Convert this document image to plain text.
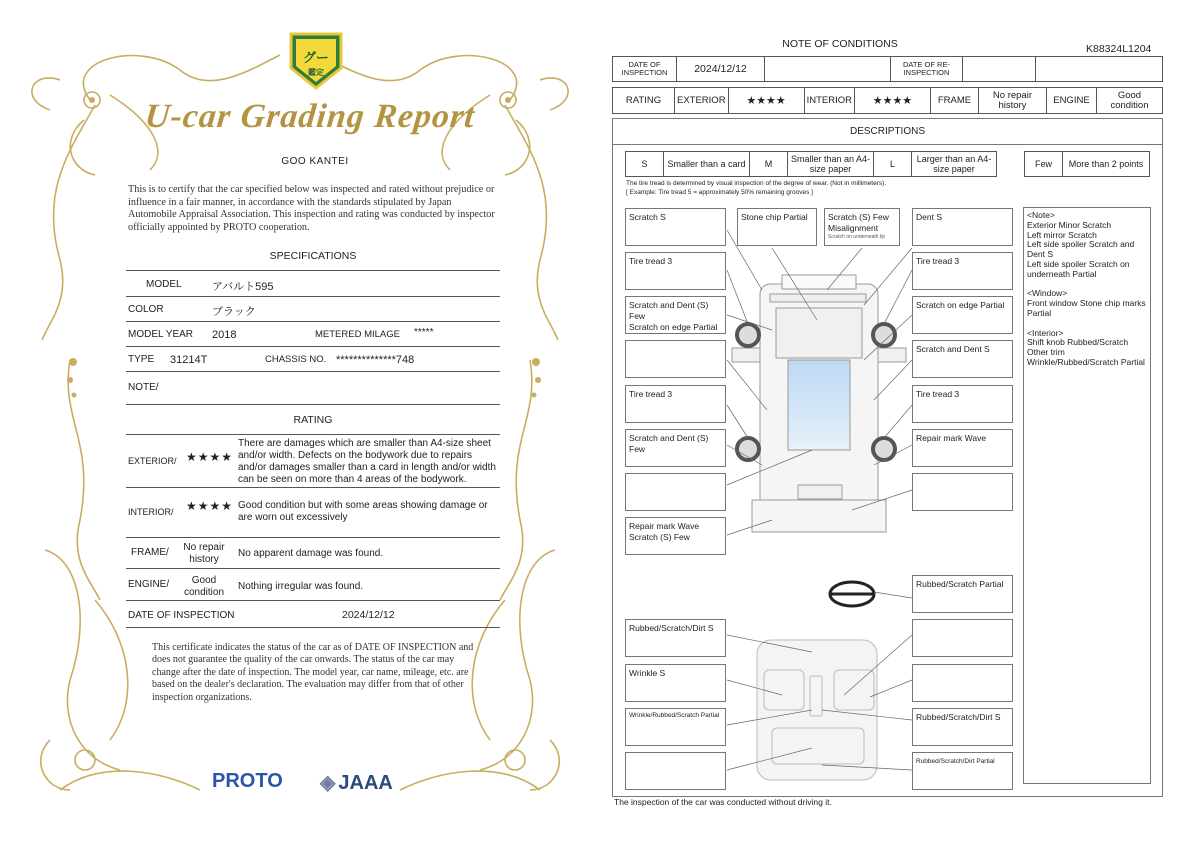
グー
鑑定
U-car Grading Report
GOO KANTEI
This is to certify that the car specified below was inspected and rated without prejudice or influence in a fair manner, in accordance with the standards stipulated by Japan Automobile Appraisal Association. This inspection and rating was conducted by inspector officially appointed by PROTO cooperation.
SPECIFICATIONS
MODEL	アバルト595
COLOR	ブラック
MODEL YEAR 2018	METERED MILAGE *****
TYPE 31214T	CHASSIS NO. **************748
NOTE/
RATING
EXTERIOR/ ★★★★
There are damages which are smaller than A4-size sheet and/or width. Defects on the bodywork due to repairs and/or damages smaller than a card in length and/or width can be seen on more than 4 areas of the bodywork.
INTERIOR/ ★★★★ Good condition but with some areas showing damage or are worn out excessively
FRAME/	No repair history
No apparent damage was found.
ENGINE/	Good condition
Nothing irregular was found.
DATE OF INSPECTION	2024/12/12
This certificate indicates the status of the car as of DATE OF INSPECTION and does not guarantee the quality of the car onwards. The status of the car may change after the date of inspection. The model year, car name, mileage, etc. are based on the dealer's declaration. The evaluation may differ from that of other inspection organizations.
PROTO ◈ JAAA
NOTE OF CONDITIONS	K88324L1204
DATE OF INSPECTION	2024/12/12		DATE OF RE-INSPECTION		
RATING	EXTERIOR	★★★★	INTERIOR	★★★★	FRAME	No repair history	ENGINE	Good condition
DESCRIPTIONS
S	Smaller than a card	M	Smaller than an A4-size paper	L	Larger than an A4-size paper	Few	More than 2 points
The tire tread is determined by visual inspection of the degree of wear. (Not in millimeters).
[ Example: Tire tread 5 = approximately 50% remaining grooves ]
Scratch S
Tire tread 3
Scratch and Dent (S) Few
Scratch on edge Partial
Tire tread 3
Scratch and Dent (S) Few
Repair mark Wave
Scratch (S) Few
Stone chip Partial	Scratch (S) Few
Misalignment
Scratch on underneath lip
Dent S
Tire tread 3
Scratch on edge Partial
Scratch and Dent S
Tire tread 3
Repair mark Wave
Rubbed/Scratch/Dirt S
Wrinkle S
Wrinkle/Rubbed/Scratch Partial
Rubbed/Scratch Partial
Rubbed/Scratch/Dirt S
Rubbed/Scratch/Dirt Partial
<Note>
Exterior Minor Scratch
Left mirror Scratch
Left side spoiler Scratch and Dent S
Left side spoiler Scratch on underneath Partial

<Window>
Front window Stone chip marks Partial

<Interior>
Shift knob Rubbed/Scratch
Other trim
Wrinkle/Rubbed/Scratch Partial
The inspection of the car was conducted without driving it.
